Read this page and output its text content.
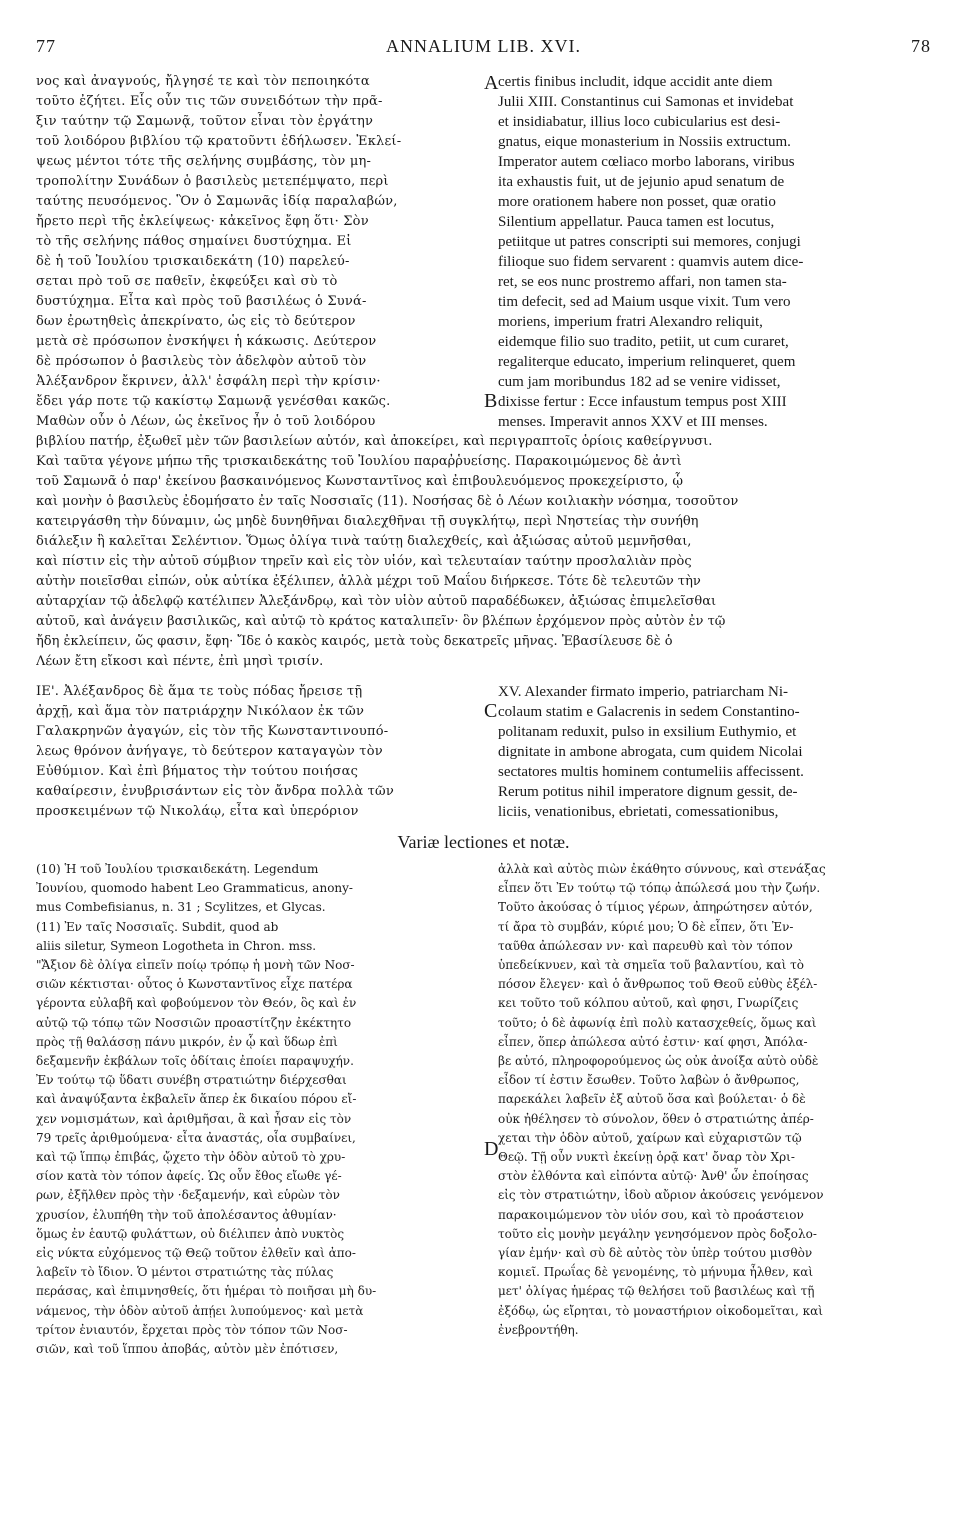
77	ANNALIUM LIB. XVI.	78
νος καὶ ἀναγνούς, ἤλγησέ τε καὶ τὸν πεποιηκότα
τοῦτο ἐζήτει. Εἷς οὖν τις τῶν συνειδότων τὴν πρᾶ-
ξιν ταύτην τῷ Σαμωνᾷ, τοῦτον εἶναι τὸν ἐργάτην
τοῦ λοιδόρου βιβλίου τῷ κρατοῦντι ἐδήλωσεν. Ἐκλεί-
ψεως μέντοι τότε τῆς σελήνης συμβάσης, τὸν μη-
τροπολίτην Συνάδων ὁ βασιλεὺς μετεπέμψατο, περὶ
ταύτης πευσόμενος. Ὃν ὁ Σαμωνᾶς ἰδίᾳ παραλαβών,
ἤρετο περὶ τῆς ἐκλείψεως· κἀκεῖνος ἔφη ὅτι· Σὸν
τὸ τῆς σελήνης πάθος σημαίνει δυστύχημα. Εἰ
δὲ ἡ τοῦ Ἰουλίου τρισκαιδεκάτη (10) παρελεύ-
σεται πρὸ τοῦ σε παθεῖν, ἐκφεύξει καὶ σὺ τὸ
δυστύχημα. Εἶτα καὶ πρὸς τοῦ βασιλέως ὁ Συνά-
δων ἐρωτηθεὶς ἀπεκρίνατο, ὡς εἰς τὸ δεύτερον
μετὰ σὲ πρόσωπον ἐνσκήψει ἡ κάκωσις. Δεύτερον
δὲ πρόσωπον ὁ βασιλεὺς τὸν ἀδελφὸν αὐτοῦ τὸν
Ἀλέξανδρον ἔκρινεν, ἀλλ' ἐσφάλη περὶ τὴν κρίσιν·
ἔδει γάρ ποτε τῷ κακίστῳ Σαμωνᾷ γενέσθαι κακῶς.
Μαθὼν οὖν ὁ Λέων, ὡς ἐκεῖνος ἦν ὁ τοῦ λοιδόρου
certis finibus includit, idque accidit ante diem
Julii XIII. Constantinus cui Samonas et invidebat
et insidiabatur, illius loco cubicularius est desi-
gnatus, eique monasterium in Nossiis extructum.
Imperator autem cœliaco morbo laborans, viribus
ita exhaustis fuit, ut de jejunio apud senatum de
more orationem habere non posset, quæ oratio
Silentium appellatur. Pauca tamen est locutus,
petiitque ut patres conscripti sui memores, conjugi
filioque suo fidem servarent : quamvis autem dice-
ret, se eos nunc prostremo affari, non tamen sta-
tim defecit, sed ad Maium usque vixit. Tum vero
moriens, imperium fratri Alexandro reliquit,
eidemque filio suo tradito, petiit, ut cum curaret,
regaliterque educato, imperium relinqueret, quem
cum jam moribundus 182 ad se venire vidisset,
dixisse fertur : Ecce infaustum tempus post XIII
menses. Imperavit annos XXV et III menses.
βιβλίου πατήρ, ἐξωθεῖ μὲν τῶν βασιλείων αὐτόν, καὶ ἀποκείρει, καὶ περιγραπτοῖς ὁρίοις καθείργνυσι.
Καὶ ταῦτα γέγονε μήπω τῆς τρισκαιδεκάτης τοῦ Ἰουλίου παραῤῥυείσης. Παρακοιμώμενος δὲ ἀντὶ
τοῦ Σαμωνᾶ ὁ παρ' ἐκείνου βασκαινόμενος Κωνσταντῖνος καὶ ἐπιβουλευόμενος προκεχείριστο, ᾧ
καὶ μονὴν ὁ βασιλεὺς ἐδομήσατο ἐν ταῖς Νοσσιαῖς (11). Νοσήσας δὲ ὁ Λέων κοιλιακὴν νόσημα, τοσοῦτον
κατειργάσθη τὴν δύναμιν, ὡς μηδὲ δυνηθῆναι διαλεχθῆναι τῇ συγκλήτῳ, περὶ Νηστείας τὴν συνήθη
διάλεξιν ἣ καλεῖται Σελέντιον. Ὅμως ὀλίγα τινὰ ταύτῃ διαλεχθείς, καὶ ἀξιώσας αὐτοῦ μεμνῆσθαι,
καὶ πίστιν εἰς τὴν αὐτοῦ σύμβιον τηρεῖν καὶ εἰς τὸν υἱόν, καὶ τελευταίαν ταύτην προσλαλιὰν πρὸς
αὐτὴν ποιεῖσθαι εἰπών, οὐκ αὐτίκα ἐξέλιπεν, ἀλλὰ μέχρι τοῦ Μαΐου διήρκεσε. Τότε δὲ τελευτῶν τὴν
αὐταρχίαν τῷ ἀδελφῷ κατέλιπεν Ἀλεξάνδρῳ, καὶ τὸν υἱὸν αὐτοῦ παραδέδωκεν, ἀξιώσας ἐπιμελεῖσθαι
αὐτοῦ, καὶ ἀνάγειν βασιλικῶς, καὶ αὐτῷ τὸ κράτος καταλιπεῖν· ὃν βλέπων ἐρχόμενον πρὸς αὐτὸν ἐν τῷ
ἤδη ἐκλείπειν, ὥς φασιν, ἔφη· Ἴδε ὁ κακὸς καιρός, μετὰ τοὺς δεκατρεῖς μῆνας. Ἐβασίλευσε δὲ ὁ
Λέων ἔτη εἴκοσι καὶ πέντε, ἐπὶ μησὶ τρισίν.
ΙΕ'. Ἀλέξανδρος δὲ ἅμα τε τοὺς πόδας ἤρεισε τῇ
ἀρχῇ, καὶ ἅμα τὸν πατριάρχην Νικόλαον ἐκ τῶν
Γαλακρηνῶν ἀγαγών, εἰς τὸν τῆς Κωνσταντινουπό-
λεως θρόνον ἀνήγαγε, τὸ δεύτερον καταγαγὼν τὸν
Εὐθύμιον. Καὶ ἐπὶ βήματος τὴν τούτου ποιήσας
καθαίρεσιν, ἐνυβρισάντων εἰς τὸν ἄνδρα πολλὰ τῶν
προσκειμένων τῷ Νικολάῳ, εἶτα καὶ ὑπερόριον
XV. Alexander firmato imperio, patriarcham Ni-
colaum statim e Galacrenis in sedem Constantino-
politanam reduxit, pulso in exsilium Euthymio, et
dignitate in ambone abrogata, cum quidem Nicolai
sectatores multis hominem contumeliis affecissent.
Rerum potitus nihil imperatore dignum gessit, de-
liciis, venationibus, ebrietati, comessationibus,
Variæ lectiones et notæ.
(10) Ἡ τοῦ Ἰουλίου τρισκαιδεκάτη. Legendum
Ἰουνίου, quomodo habent Leo Grammaticus, anony-
mus Combefisianus, n. 31 ; Scylitzes, et Glycas.
(11) Ἐν ταῖς Νοσσιαῖς. Subdit, quod ab
aliis siletur, Symeon Logotheta in Chron. mss.
"Ἄξιον δὲ ὀλίγα εἰπεῖν ποίῳ τρόπῳ ἡ μονὴ τῶν Νοσ-
σιῶν κέκτισται· οὗτος ὁ Κωνσταντῖνος εἶχε πατέρα
γέροντα εὐλαβῆ καὶ φοβούμενον τὸν Θεόν, ὃς καὶ ἐν
αὐτῷ τῷ τόπῳ τῶν Νοσσιῶν προαστίτζην ἐκέκτητο
πρὸς τῇ θαλάσσῃ πάνυ μικρόν, ἐν ᾧ καὶ ὕδωρ ἐπὶ
δεξαμενῆν ἐκβάλων τοῖς ὁδίταις ἐποίει παραψυχήν.
Ἐν τούτῳ τῷ ὕδατι συνέβη στρατιώτην διέρχεσθαι
καὶ ἀναψύξαντα ἐκβαλεῖν ἅπερ ἐκ δικαίου πόρου εἴ-
χεν νομισμάτων, καὶ ἀριθμῆσαι, ἃ καὶ ἦσαν εἰς τὸν
79 τρεῖς ἀριθμούμενα· εἶτα ἀναστάς, οἷα συμβαίνει,
καὶ τῷ ἵππῳ ἐπιβάς, ᾤχετο τὴν ὁδὸν αὐτοῦ τὸ χρυ-
σίον κατὰ τὸν τόπον ἀφείς. Ὡς οὖν ἔθος εἴωθε γέ-
ρων, ἐξῆλθεν πρὸς τὴν ·δεξαμενήν, καὶ εὑρὼν τὸν
χρυσίον, ἐλυπήθη τὴν τοῦ ἀπολέσαντος ἀθυμίαν·
ὅμως ἐν ἑαυτῷ φυλάττων, οὐ διέλιπεν ἀπὸ νυκτὸς
εἰς νύκτα εὐχόμενος τῷ Θεῷ τοῦτον ἐλθεῖν καὶ ἀπο-
λαβεῖν τὸ ἴδιον. Ὁ μέντοι στρατιώτης τὰς πύλας
περάσας, καὶ ἐπιμνησθείς, ὅτι ἡμέραι τὸ ποιῆσαι μὴ δυ-
νάμενος, τὴν ὁδὸν αὐτοῦ ἀπῄει λυπούμενος· καὶ μετὰ
τρίτον ἐνιαυτόν, ἔρχεται πρὸς τὸν τόπον τῶν Νοσ-
σιῶν, καὶ τοῦ ἵππου ἀποβάς, αὐτὸν μὲν ἐπότισεν,
ἀλλὰ καὶ αὐτὸς πιὼν ἐκάθητο σύννους, καὶ στενάξας
εἶπεν ὅτι Ἐν τούτῳ τῷ τόπῳ ἀπώλεσά μου τὴν ζωήν.
Τοῦτο ἀκούσας ὁ τίμιος γέρων, ἀπηρώτησεν αὐτόν,
τί ἄρα τὸ συμβάν, κύριέ μου; Ὁ δὲ εἶπεν, ὅτι Ἐν-
ταῦθα ἀπώλεσαν νν· καὶ παρευθὺ καὶ τὸν τόπον
ὑπεδείκνυεν, καὶ τὰ σημεῖα τοῦ βαλαντίου, καὶ τὸ
πόσον ἔλεγεν· καὶ ὁ ἄνθρωπος τοῦ Θεοῦ εὐθὺς ἐξέλ-
κει τοῦτο τοῦ κόλπου αὐτοῦ, καὶ φησι, Γνωρίζεις
τοῦτο; ὁ δὲ ἀφωνίᾳ ἐπὶ πολὺ κατασχεθείς, ὅμως καὶ
εἶπεν, ὅπερ ἀπώλεσα αὐτό ἐστιν· καί φησι, Ἀπόλα-
βε αὐτό, πληροφορούμενος ὡς οὐκ ἀνοίξα αὐτὸ οὐδὲ
εἶδον τί ἐστιν ἔσωθεν. Τοῦτο λαβὼν ὁ ἄνθρωπος,
παρεκάλει λαβεῖν ἐξ αὐτοῦ ὅσα καὶ βούλεται· ὁ δὲ
οὐκ ἠθέλησεν τὸ σύνολον, ὅθεν ὁ στρατιώτης ἀπέρ-
χεται τὴν ὁδὸν αὐτοῦ, χαίρων καὶ εὐχαριστῶν τῷ
Θεῷ. Τῇ οὖν νυκτὶ ἐκείνῃ ὁρᾷ κατ' ὄναρ τὸν Χρι-
στὸν ἐλθόντα καὶ εἰπόντα αὐτῷ· Ἀνθ' ὧν ἐποίησας
εἰς τὸν στρατιώτην, ἰδοὺ αὔριον ἀκούσεις γενόμενον
παρακοιμώμενον τὸν υἱόν σου, καὶ τὸ προάστειον
τοῦτο εἰς μονὴν μεγάλην γενησόμενον πρὸς δοξολο-
γίαν ἐμήν· καὶ σὺ δὲ αὐτὸς τὸν ὑπὲρ τούτου μισθὸν
κομιεῖ. Πρωΐας δὲ γενομένης, τὸ μήνυμα ἦλθεν, καὶ
μετ' ὀλίγας ἡμέρας τῷ θελήσει τοῦ βασιλέως καὶ τῇ
ἐξόδῳ, ὡς εἴρηται, τὸ μοναστήριον οἰκοδομεῖται, καὶ
ἐνεβροντήθη.
A
B
C
D
